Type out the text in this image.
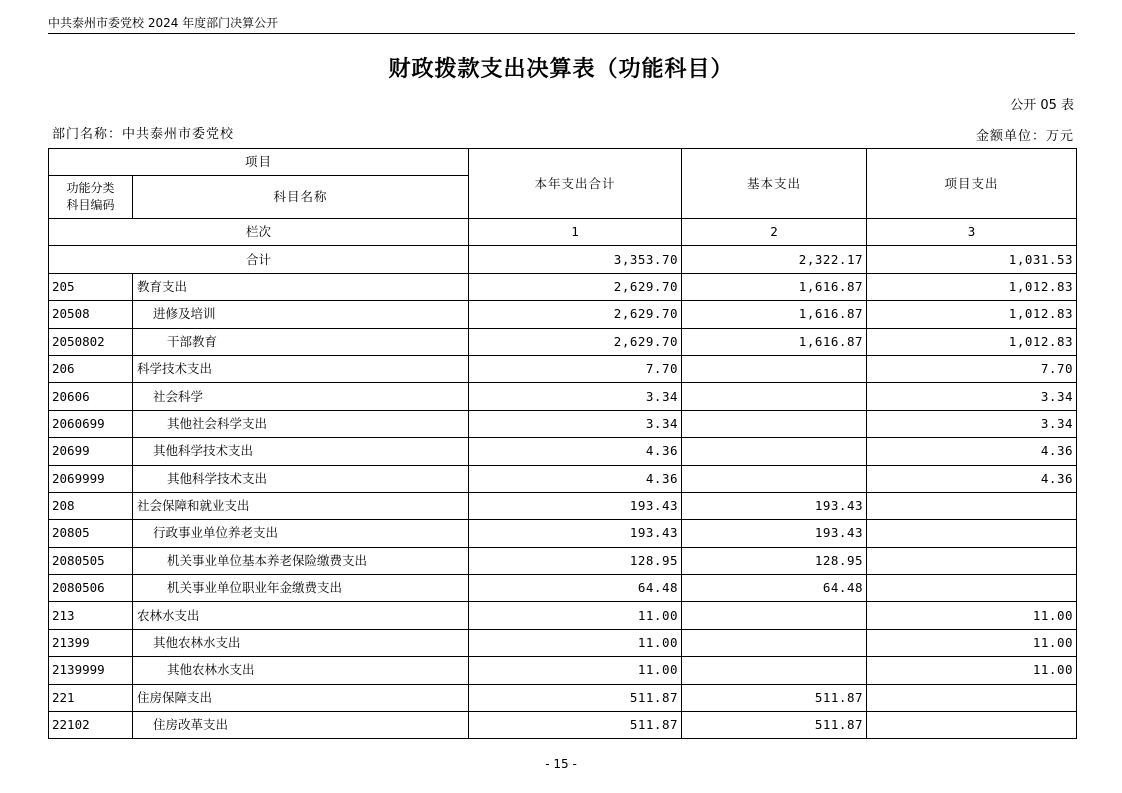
中共泰州市委党校 2024 年度部门决算公开
财政拨款支出决算表（功能科目）
公开 05 表
部门名称：中共泰州市委党校	金额单位：万元
项目		本年支出合计	基本支出	项目支出
功能分类
科目编码	科目名称			
栏次		1	2	3
合计		3,353.70	2,322.17	1,031.53
205	教育支出	2,629.70	1,616.87	1,012.83
20508	进修及培训	2,629.70	1,616.87	1,012.83
2050802	干部教育	2,629.70	1,616.87	1,012.83
206	科学技术支出	7.70		7.70
20606	社会科学	3.34		3.34
2060699	其他社会科学支出	3.34		3.34
20699	其他科学技术支出	4.36		4.36
2069999	其他科学技术支出	4.36		4.36
208	社会保障和就业支出	193.43	193.43	
20805	行政事业单位养老支出	193.43	193.43	
2080505	机关事业单位基本养老保险缴费支出	128.95	128.95	
2080506	机关事业单位职业年金缴费支出	64.48	64.48	
213	农林水支出	11.00		11.00
21399	其他农林水支出	11.00		11.00
2139999	其他农林水支出	11.00		11.00
221	住房保障支出	511.87	511.87	
22102	住房改革支出	511.87	511.87	
- 15 -
